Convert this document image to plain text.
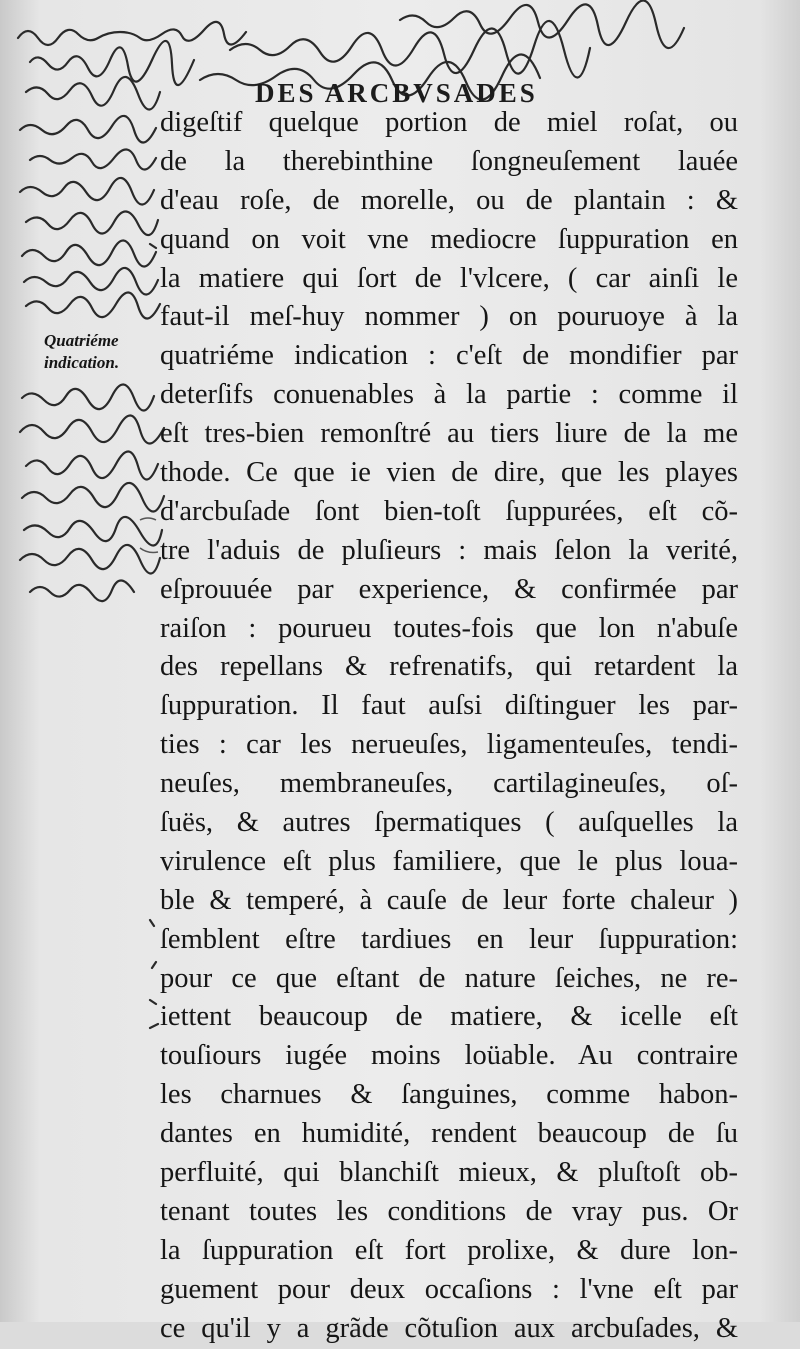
DES ARCBVSADES
Quatriéme
indication.
digeſtif quelque portion de miel roſat, ou
de la therebinthine ſongneuſement lauée
d'eau roſe, de morelle, ou de plantain : &
quand on voit vne mediocre ſuppuration en
la matiere qui ſort de l'vlcere, ( car ainſi le
faut-il meſ-huy nommer ) on pouruoye à la
quatriéme indication : c'eſt de mondifier par
deterſifs conuenables à la partie : comme il
eſt tres-bien remonſtré au tiers liure de la me
thode. Ce que ie vien de dire, que les playes
d'arcbuſade ſont bien-toſt ſuppurées, eſt cõ-
tre l'aduis de pluſieurs : mais ſelon la verité,
eſprouuée par experience, & confirmée par
raiſon : pourueu toutes-fois que lon n'abuſe
des repellans & refrenatifs, qui retardent la
ſuppuration. Il faut auſsi diſtinguer les par-
ties : car les nerueuſes, ligamenteuſes, tendi-
neuſes, membraneuſes, cartilagineuſes, oſ-
ſuës, & autres ſpermatiques ( auſquelles la
virulence eſt plus familiere, que le plus loua-
ble & temperé, à cauſe de leur forte chaleur )
ſemblent eſtre tardiues en leur ſuppuration:
pour ce que eſtant de nature ſeiches, ne re-
iettent beaucoup de matiere, & icelle eſt
touſiours iugée moins loüable. Au contraire
les charnues & ſanguines, comme habon-
dantes en humidité, rendent beaucoup de ſu
perfluité, qui blanchiſt mieux, & pluſtoſt ob-
tenant toutes les conditions de vray pus. Or
la ſuppuration eſt fort prolixe, & dure lon-
guement pour deux occaſions : l'vne eſt par
ce qu'il y a grãde cõtuſion aux arcbuſades, &
